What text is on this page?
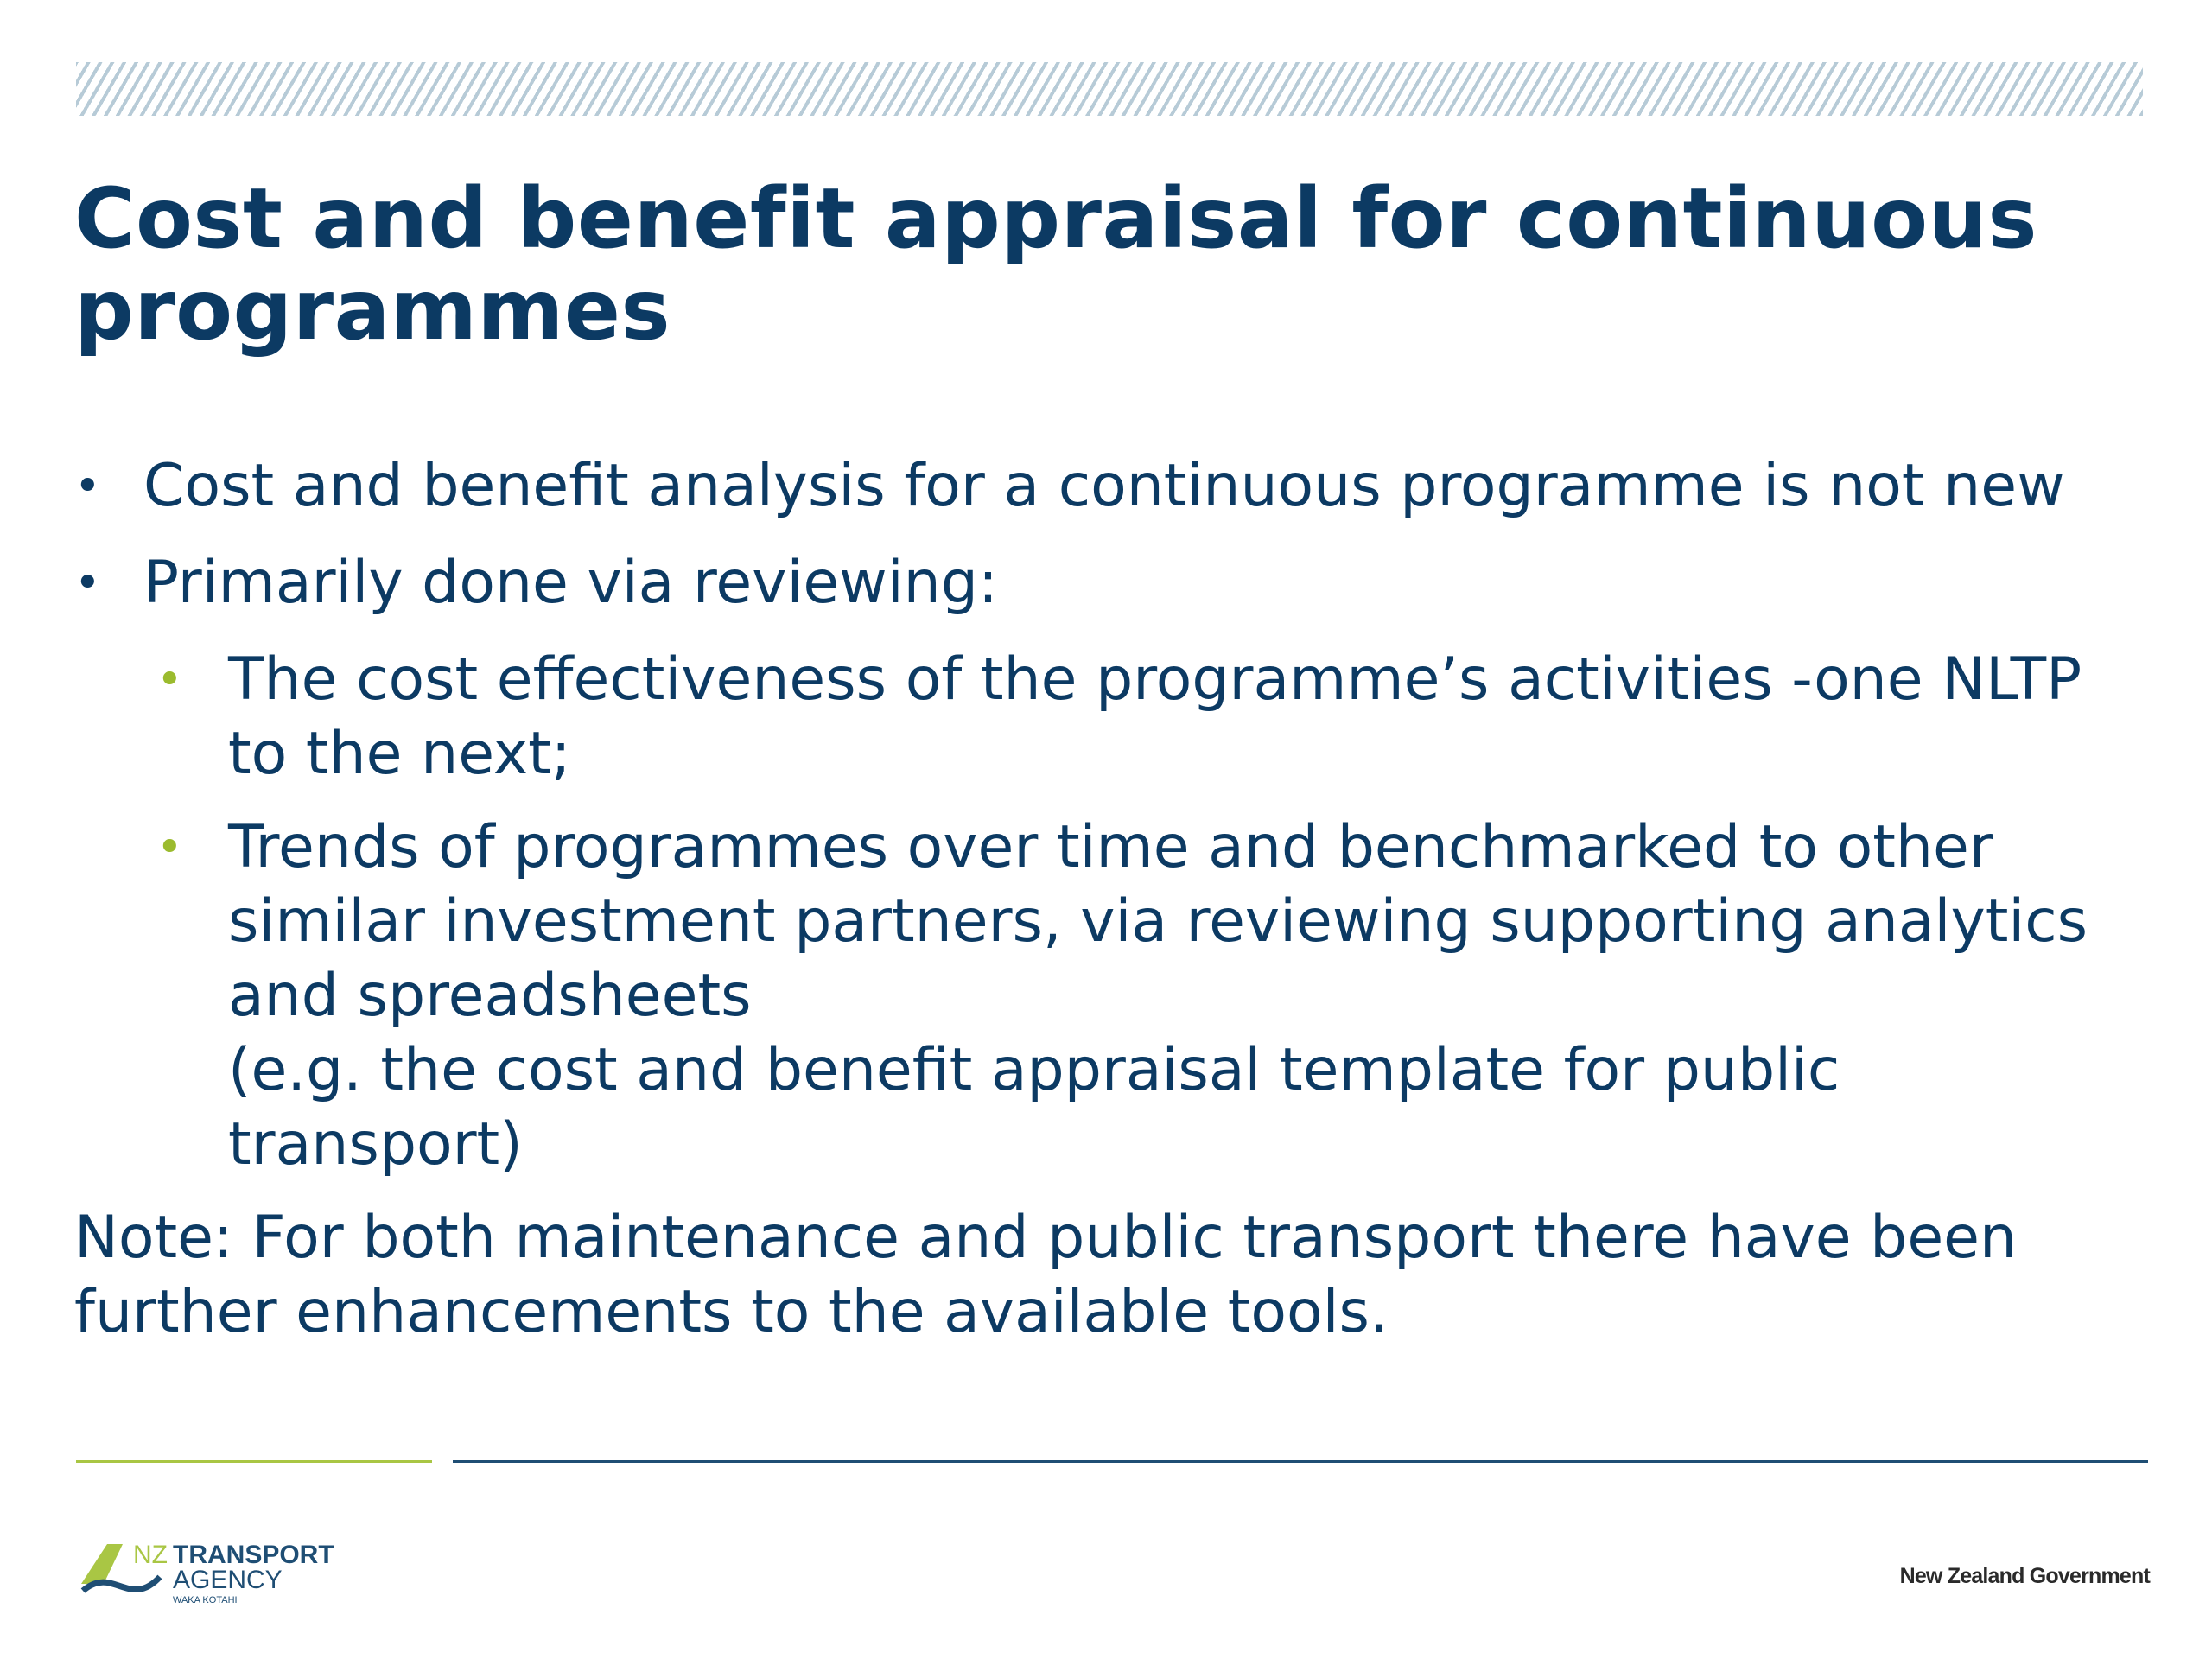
Cost and benefit appraisal for continuous programmes
• Cost and benefit analysis for a continuous programme is not new
• Primarily done via reviewing:
• The cost effectiveness of the programme’s activities -one NLTP to the next;
• Trends of programmes over time and benchmarked to other similar investment partners, via reviewing supporting analytics and spreadsheets
(e.g. the cost and benefit appraisal template for public transport)
Note: For both maintenance and public transport there have been further enhancements to the available tools.
NZ TRANSPORT
AGENCY
WAKA KOTAHI
New Zealand Government
